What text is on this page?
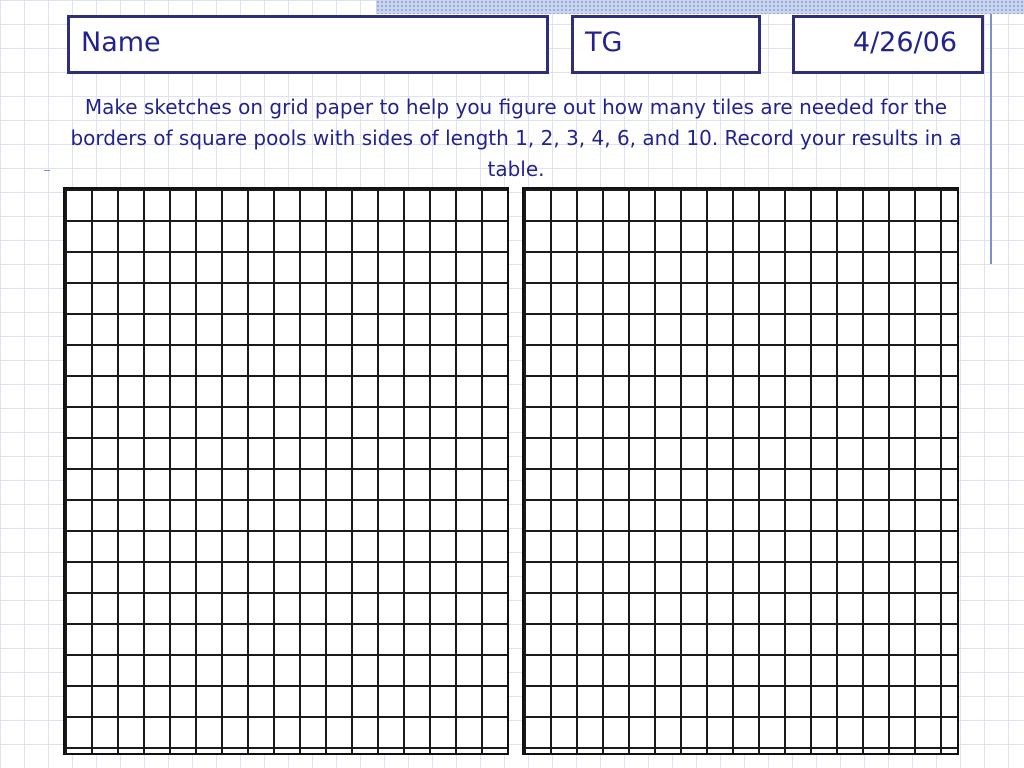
Name	TG	4/26/06

Make sketches on grid paper to help you figure out how many tiles are needed for the borders of square pools with sides of length 1, 2, 3, 4, 6, and 10. Record your results in a table.
